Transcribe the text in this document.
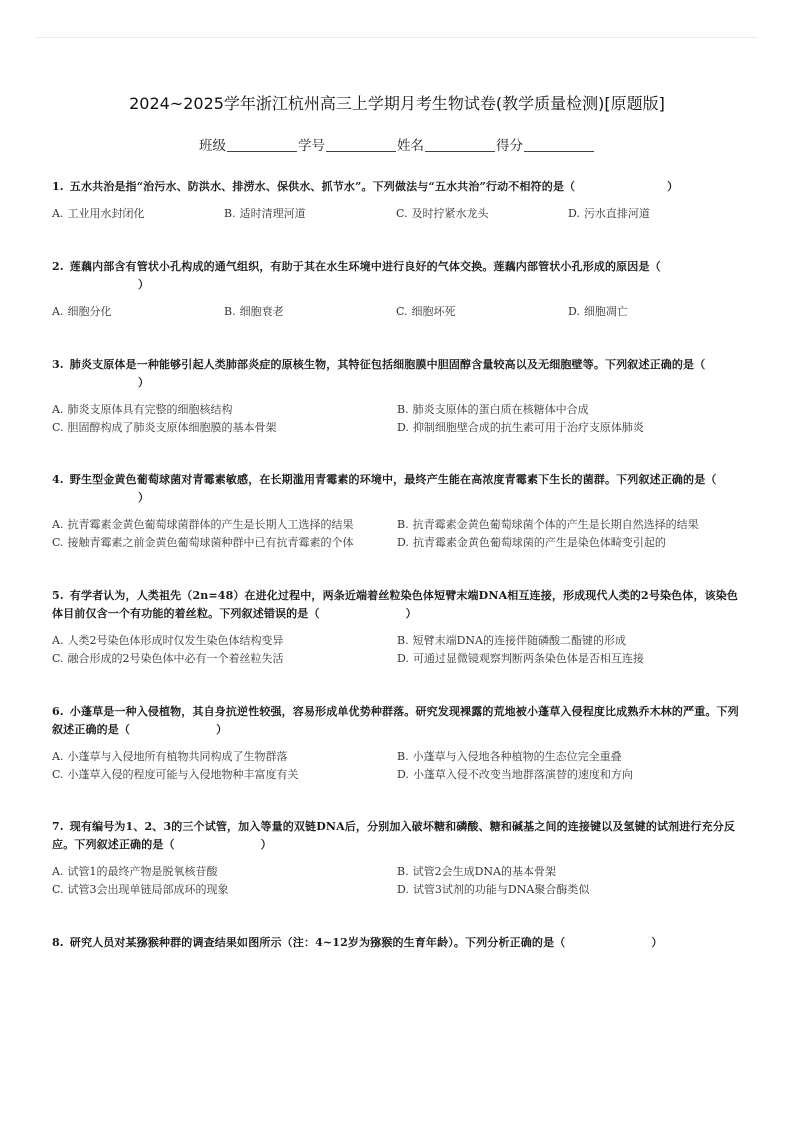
2024~2025学年浙江杭州高三上学期月考生物试卷(教学质量检测)[原题版]
班级	学号	姓名	得分
1. 五水共治是指“治污水、防洪水、排涝水、保供水、抓节水”。下列做法与“五水共治”行动不相符的是（	）
A. 工业用水封闭化	B. 适时清理河道	C. 及时拧紧水龙头	D. 污水直排河道
2. 莲藕内部含有管状小孔构成的通气组织，有助于其在水生环境中进行良好的气体交换。莲藕内部管状小孔形成的原因是（）
A. 细胞分化	B. 细胞衰老	C. 细胞坏死	D. 细胞凋亡
3. 肺炎支原体是一种能够引起人类肺部炎症的原核生物，其特征包括细胞膜中胆固醇含量较高以及无细胞壁等。下列叙述正确的是（）
A. 肺炎支原体具有完整的细胞核结构	B. 肺炎支原体的蛋白质在核糖体中合成
C. 胆固醇构成了肺炎支原体细胞膜的基本骨架	D. 抑制细胞壁合成的抗生素可用于治疗支原体肺炎
4. 野生型金黄色葡萄球菌对青霉素敏感，在长期滥用青霉素的环境中，最终产生能在高浓度青霉素下生长的菌群。下列叙述正确的是（）
A. 抗青霉素金黄色葡萄球菌群体的产生是长期人工选择的结果	B. 抗青霉素金黄色葡萄球菌个体的产生是长期自然选择的结果
C. 接触青霉素之前金黄色葡萄球菌种群中已有抗青霉素的个体	D. 抗青霉素金黄色葡萄球菌的产生是染色体畸变引起的
5. 有学者认为，人类祖先（2n=48）在进化过程中，两条近端着丝粒染色体短臂末端DNA相互连接，形成现代人类的2号染色体，该染色体目前仅含一个有功能的着丝粒。下列叙述错误的是（	）
A. 人类2号染色体形成时仅发生染色体结构变异	B. 短臂末端DNA的连接伴随磷酸二酯键的形成
C. 融合形成的2号染色体中必有一个着丝粒失活	D. 可通过显微镜观察判断两条染色体是否相互连接
6. 小蓬草是一种入侵植物，其自身抗逆性较强，容易形成单优势种群落。研究发现裸露的荒地被小蓬草入侵程度比成熟乔木林的严重。下列叙述正确的是（	）
A. 小蓬草与入侵地所有植物共同构成了生物群落	B. 小蓬草与入侵地各种植物的生态位完全重叠
C. 小蓬草入侵的程度可能与入侵地物种丰富度有关	D. 小蓬草入侵不改变当地群落演替的速度和方向
7. 现有编号为1、2、3的三个试管，加入等量的双链DNA后，分别加入破坏糖和磷酸、糖和碱基之间的连接键以及氢键的试剂进行充分反应。下列叙述正确的是（	）
A. 试管1的最终产物是脱氧核苷酸	B. 试管2会生成DNA的基本骨架
C. 试管3会出现单链局部成环的现象	D. 试管3试剂的功能与DNA聚合酶类似
8. 研究人员对某猕猴种群的调查结果如图所示（注：4~12岁为猕猴的生育年龄）。下列分析正确的是（	）
